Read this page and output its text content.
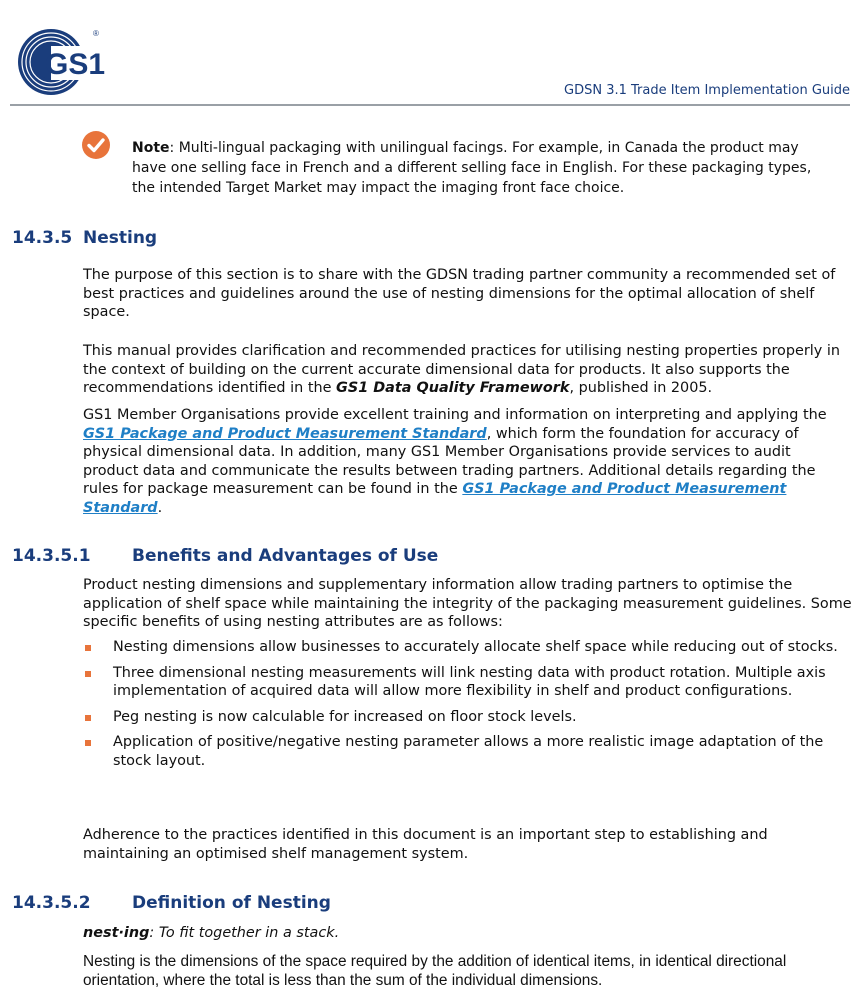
GS1
®
GDSN 3.1 Trade Item Implementation Guide
Note: Multi-lingual packaging with unilingual facings. For example, in Canada the product may have one selling face in French and a different selling face in English. For these packaging types, the intended Target Market may impact the imaging front face choice.
14.3.5 Nesting

The purpose of this section is to share with the GDSN trading partner community a recommended set of best practices and guidelines around the use of nesting dimensions for the optimal allocation of shelf space.

This manual provides clarification and recommended practices for utilising nesting properties properly in the context of building on the current accurate dimensional data for products. It also supports the recommendations identified in the GS1 Data Quality Framework, published in 2005.

GS1 Member Organisations provide excellent training and information on interpreting and applying the GS1 Package and Product Measurement Standard, which form the foundation for accuracy of physical dimensional data. In addition, many GS1 Member Organisations provide services to audit product data and communicate the results between trading partners. Additional details regarding the rules for package measurement can be found in the GS1 Package and Product Measurement Standard.

14.3.5.1 Benefits and Advantages of Use

Product nesting dimensions and supplementary information allow trading partners to optimise the application of shelf space while maintaining the integrity of the packaging measurement guidelines. Some specific benefits of using nesting attributes are as follows:

Nesting dimensions allow businesses to accurately allocate shelf space while reducing out of stocks.
Three dimensional nesting measurements will link nesting data with product rotation. Multiple axis implementation of acquired data will allow more flexibility in shelf and product configurations.
Peg nesting is now calculable for increased on floor stock levels.
Application of positive/negative nesting parameter allows a more realistic image adaptation of the stock layout.

Adherence to the practices identified in this document is an important step to establishing and maintaining an optimised shelf management system.

14.3.5.2 Definition of Nesting
nest·ing: To fit together in a stack.

Nesting is the dimensions of the space required by the addition of identical items, in identical directional orientation, where the total is less than the sum of the individual dimensions.
